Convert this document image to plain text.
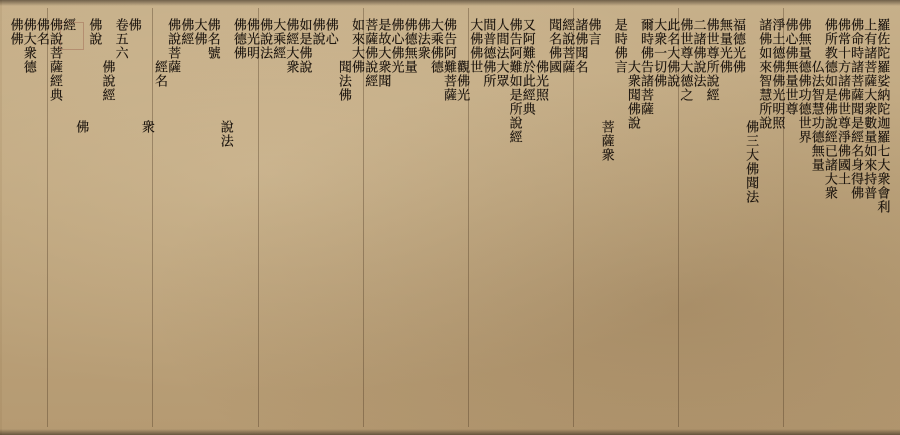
羅佐陀羅娑納陀迦羅七大衆會利
上有諸菩薩大衆數量如來持普
佛命時諸菩薩聞是經名身得佛
佛常十方諸佛世尊淨佛國土
佛所教德如是佛說經已諸大衆
仏法智慧功德無量
佛無量德佛功德世界
佛心佛無量世尊
淨土德佛佛光明照
諸佛如來智慧所說
佛三大佛聞法
福德光佛
無量光佛
佛世尊所說經
二諸佛說法
佛世尊大德之
此名大佛說
大衆一切佛
爾時佛告諸菩薩
大衆聞佛說
是時佛言
菩薩衆
佛言
諸佛聞名
經說菩薩
聞名佛國
佛光照
又阿難於此經典
佛告阿難如是所說經
人間法大眾
間普德佛所
大佛佛世
觀佛光
佛告阿難菩薩
大乘佛德
佛法衆
佛德無量
佛心佛光
是故大衆聞
菩薩佛說經
如來大佛
聞法佛
佛心
佛說
如是佛說
佛經大衆
大乘經
佛說法
佛光明
佛德佛
說法
佛名號
大佛
佛經
佛說菩薩
經名
衆
佛
卷五六
佛說經
佛說
佛
經
佛說菩薩經典
佛名
佛大衆德
佛佛
